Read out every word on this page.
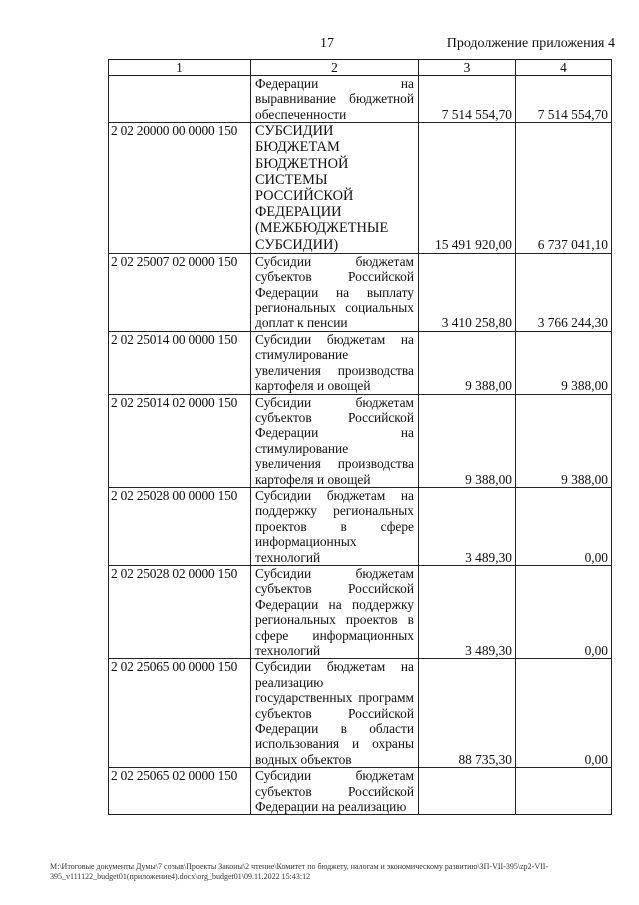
17	Продолжение приложения 4
1	2	3	4
	Федерации на выравнивание бюджетной обеспеченности	7 514 554,70	7 514 554,70
2 02 20000 00 0000 150	СУБСИДИИ БЮДЖЕТАМ БЮДЖЕТНОЙ СИСТЕМЫ РОССИЙСКОЙ ФЕДЕРАЦИИ (МЕЖБЮДЖЕТНЫЕ СУБСИДИИ)	15 491 920,00	6 737 041,10
2 02 25007 02 0000 150	Субсидии бюджетам субъектов Российской Федерации на выплату региональных социальных доплат к пенсии	3 410 258,80	3 766 244,30
2 02 25014 00 0000 150	Субсидии бюджетам на стимулирование увеличения производства картофеля и овощей	9 388,00	9 388,00
2 02 25014 02 0000 150	Субсидии бюджетам субъектов Российской Федерации на стимулирование увеличения производства картофеля и овощей	9 388,00	9 388,00
2 02 25028 00 0000 150	Субсидии бюджетам на поддержку региональных проектов в сфере информационных технологий	3 489,30	0,00
2 02 25028 02 0000 150	Субсидии бюджетам субъектов Российской Федерации на поддержку региональных проектов в сфере информационных технологий	3 489,30	0,00
2 02 25065 00 0000 150	Субсидии бюджетам на реализацию государственных программ субъектов Российской Федерации в области использования и охраны водных объектов	88 735,30	0,00
2 02 25065 02 0000 150	Субсидии бюджетам субъектов Российской Федерации на реализацию		
М:\Итоговые документы Думы\7 созыв\Проекты Законы\2 чтение\Комитет по бюджету, налогам и экономическому развитию\ЗП-VII-395\zp2-VII-
395_v111122_budget01(приложение4).docx\org_budget01\09.11.2022 15:43:12
